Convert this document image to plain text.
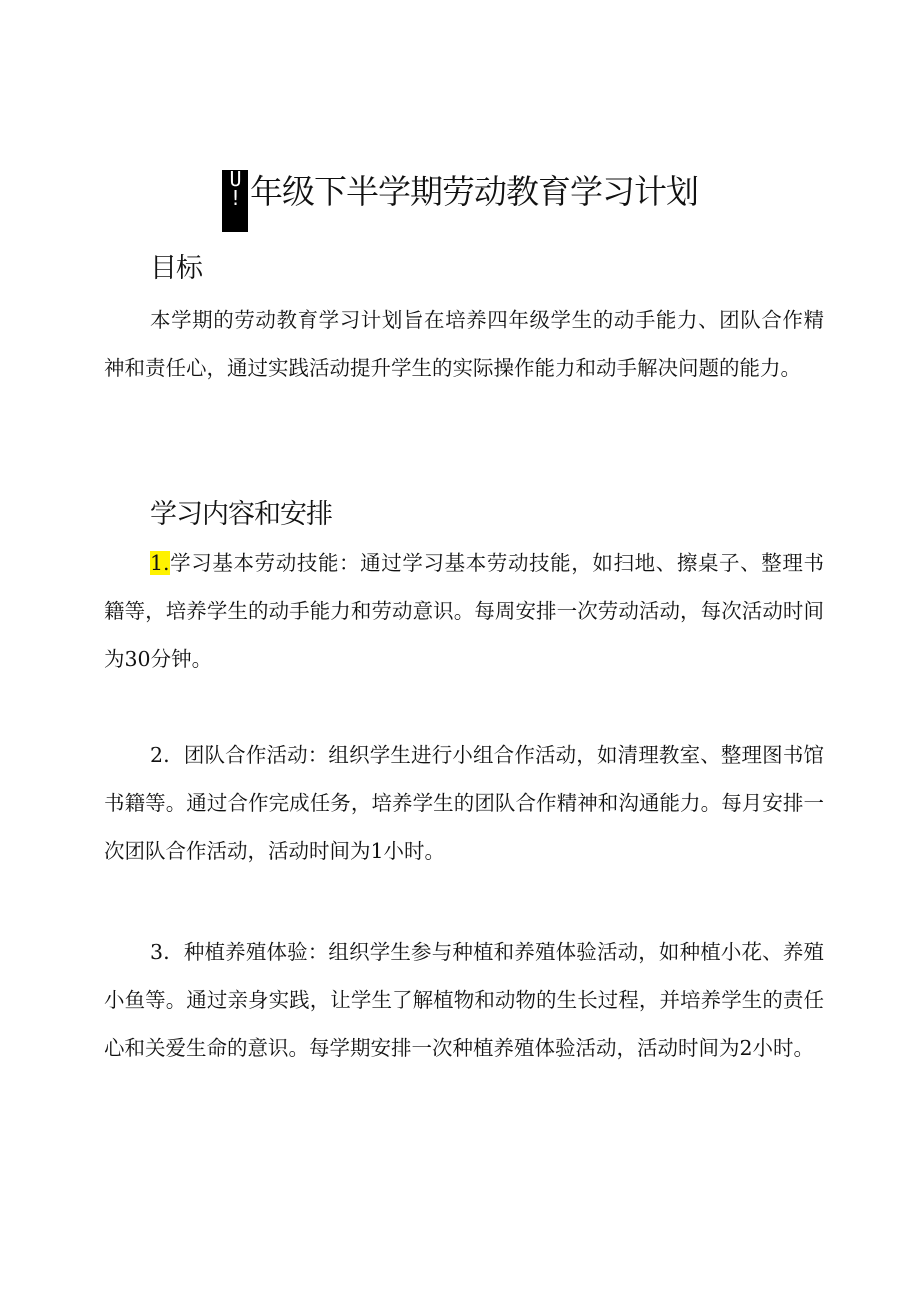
U
! 年级下半学期劳动教育学习计划
目标

本学期的劳动教育学习计划旨在培养四年级学生的动手能力、团队合作精神和责任心，通过实践活动提升学生的实际操作能力和动手解决问题的能力。

学习内容和安排

1.学习基本劳动技能：通过学习基本劳动技能，如扫地、擦桌子、整理书籍等，培养学生的动手能力和劳动意识。每周安排一次劳动活动，每次活动时间为30分钟。

2．团队合作活动：组织学生进行小组合作活动，如清理教室、整理图书馆书籍等。通过合作完成任务，培养学生的团队合作精神和沟通能力。每月安排一次团队合作活动，活动时间为1小时。

3．种植养殖体验：组织学生参与种植和养殖体验活动，如种植小花、养殖小鱼等。通过亲身实践，让学生了解植物和动物的生长过程，并培养学生的责任心和关爱生命的意识。每学期安排一次种植养殖体验活动，活动时间为2小时。
